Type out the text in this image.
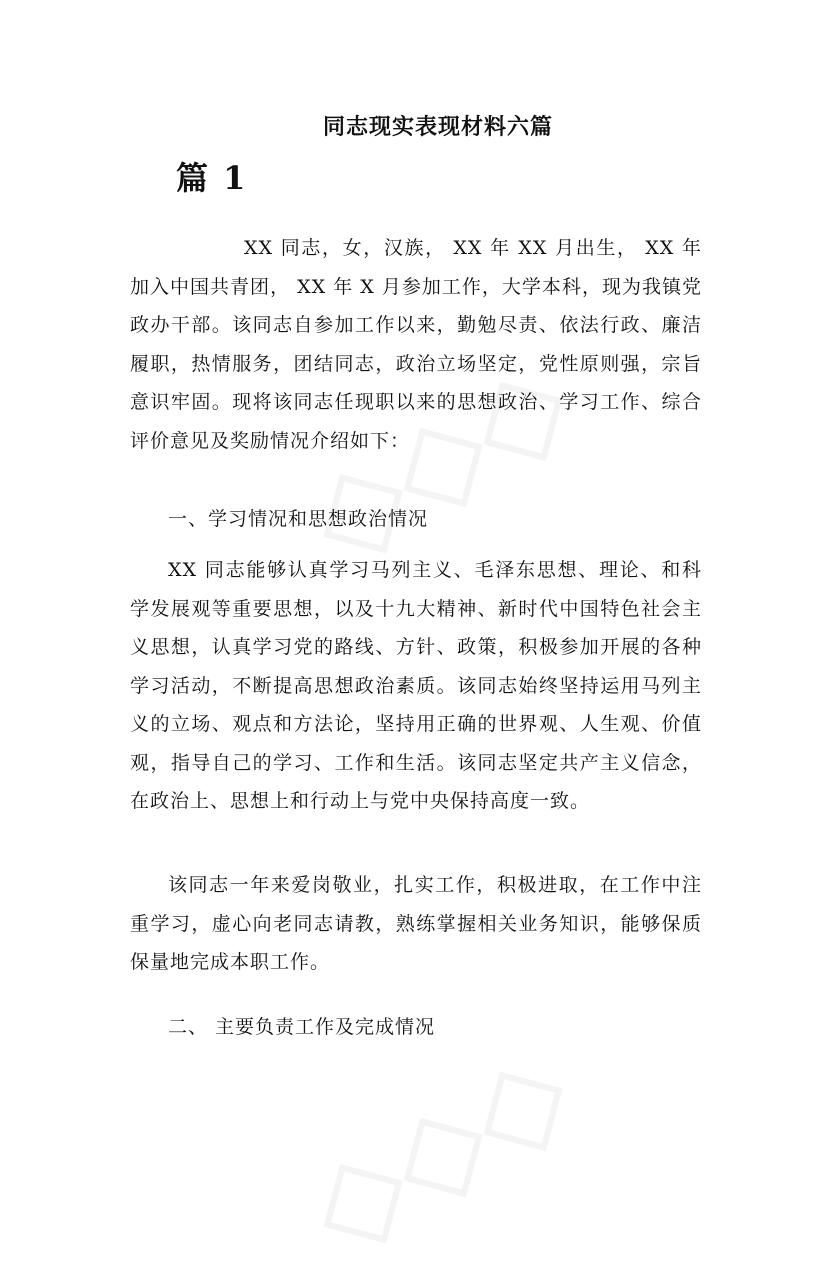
同志现实表现材料六篇
篇 1

XX 同志，女，汉族， XX 年 XX 月出生， XX 年加入中国共青团， XX 年 X 月参加工作，大学本科，现为我镇党政办干部。该同志自参加工作以来，勤勉尽责、依法行政、廉洁履职，热情服务，团结同志，政治立场坚定，党性原则强，宗旨意识牢固。现将该同志任现职以来的思想政治、学习工作、综合评价意见及奖励情况介绍如下：

一、学习情况和思想政治情况

XX 同志能够认真学习马列主义、毛泽东思想、理论、和科学发展观等重要思想，以及十九大精神、新时代中国特色社会主义思想，认真学习党的路线、方针、政策，积极参加开展的各种学习活动，不断提高思想政治素质。该同志始终坚持运用马列主义的立场、观点和方法论，坚持用正确的世界观、人生观、价值观，指导自己的学习、工作和生活。该同志坚定共产主义信念，在政治上、思想上和行动上与党中央保持高度一致。

该同志一年来爱岗敬业，扎实工作，积极进取，在工作中注重学习，虚心向老同志请教，熟练掌握相关业务知识，能够保质保量地完成本职工作。

二、 主要负责工作及完成情况
